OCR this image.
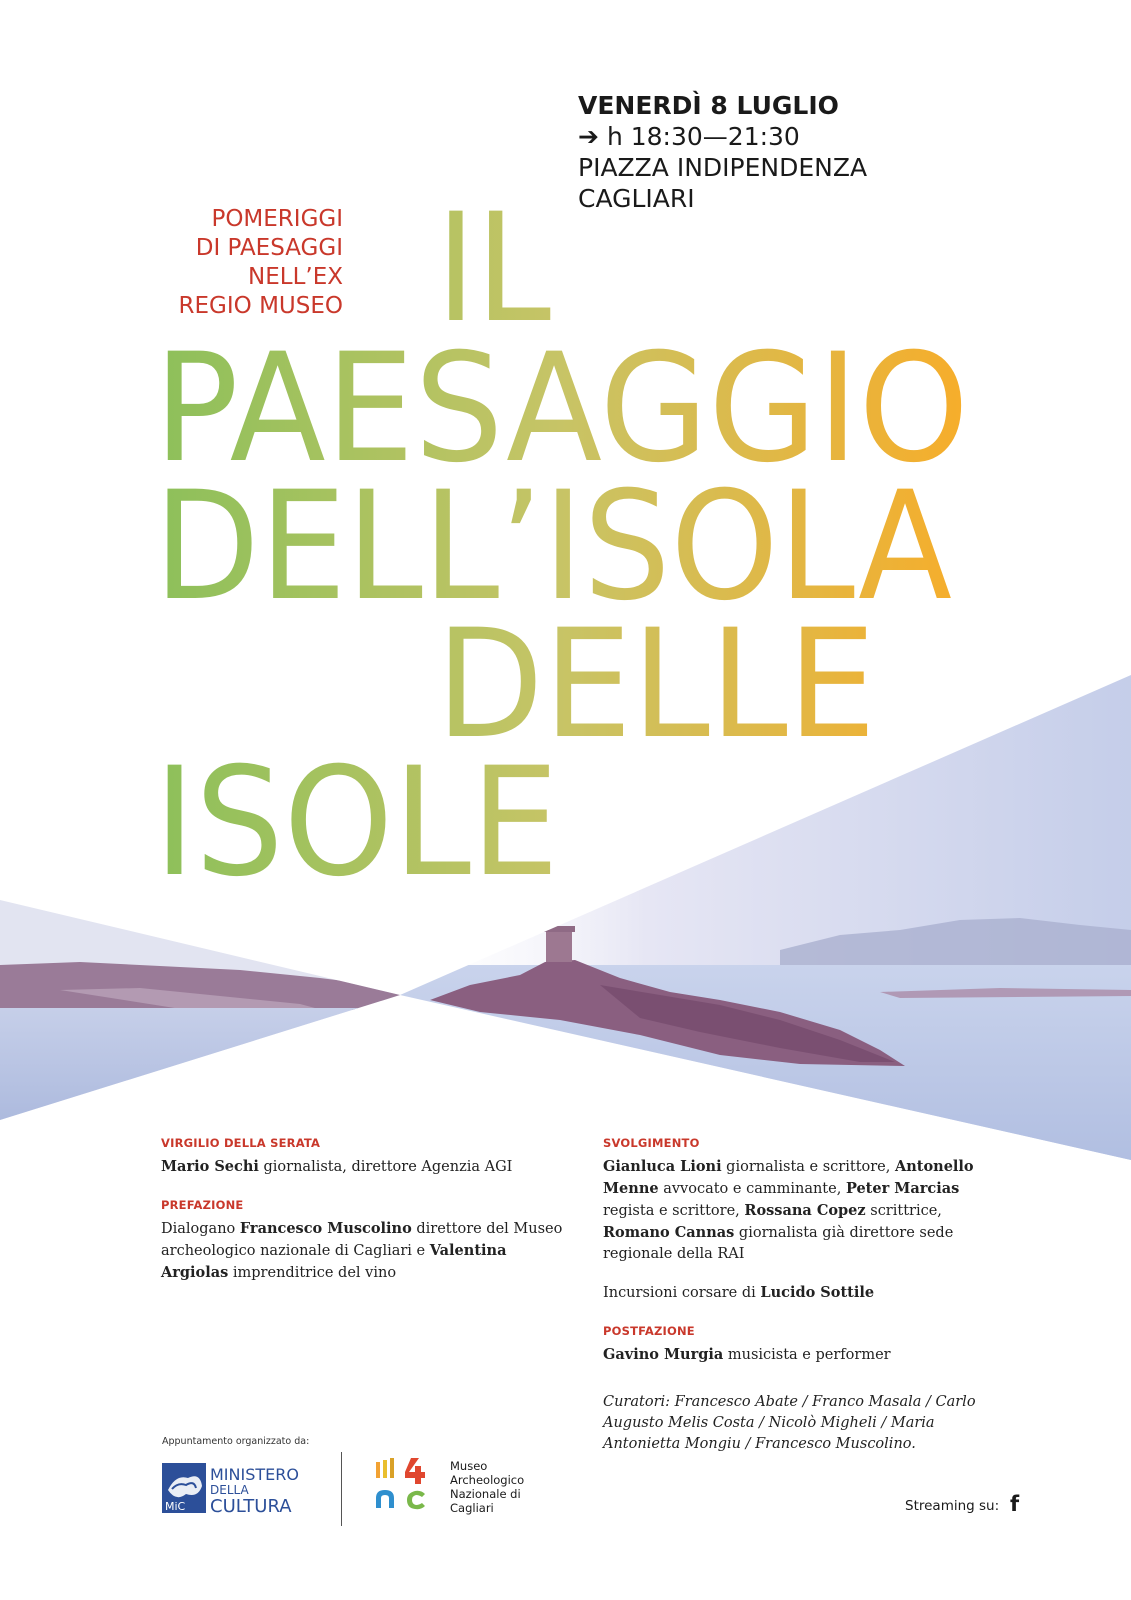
IL
PAESAGGIO
DELL’ISOLA
DELLE
ISOLE
VENERDÌ 8 LUGLIO
➔ h 18:30—21:30
PIAZZA INDIPENDENZA
CAGLIARI
POMERIGGI
DI PAESAGGI
NELL’EX
REGIO MUSEO
VIRGILIO DELLA SERATA
Mario Sechi giornalista, direttore Agenzia AGI
PREFAZIONE
Dialogano Francesco Muscolino direttore del Museo archeologico nazionale di Cagliari e Valentina Argiolas imprenditrice del vino
SVOLGIMENTO
Gianluca Lioni giornalista e scrittore, Antonello Menne avvocato e camminante, Peter Marcias regista e scrittore, Rossana Copez scrittrice, Romano Cannas giornalista già direttore sede regionale della RAI
Incursioni corsare di Lucido Sottile
POSTFAZIONE
Gavino Murgia musicista e performer
Curatori: Francesco Abate / Franco Masala / Carlo Augusto Melis Costa / Nicolò Migheli / Maria Antonietta Mongiu / Francesco Muscolino.
Appuntamento organizzato da:
MiC
MINISTERO
DELLA
CULTURA
Museo
Archeologico
Nazionale di
Cagliari	Streaming su: f
